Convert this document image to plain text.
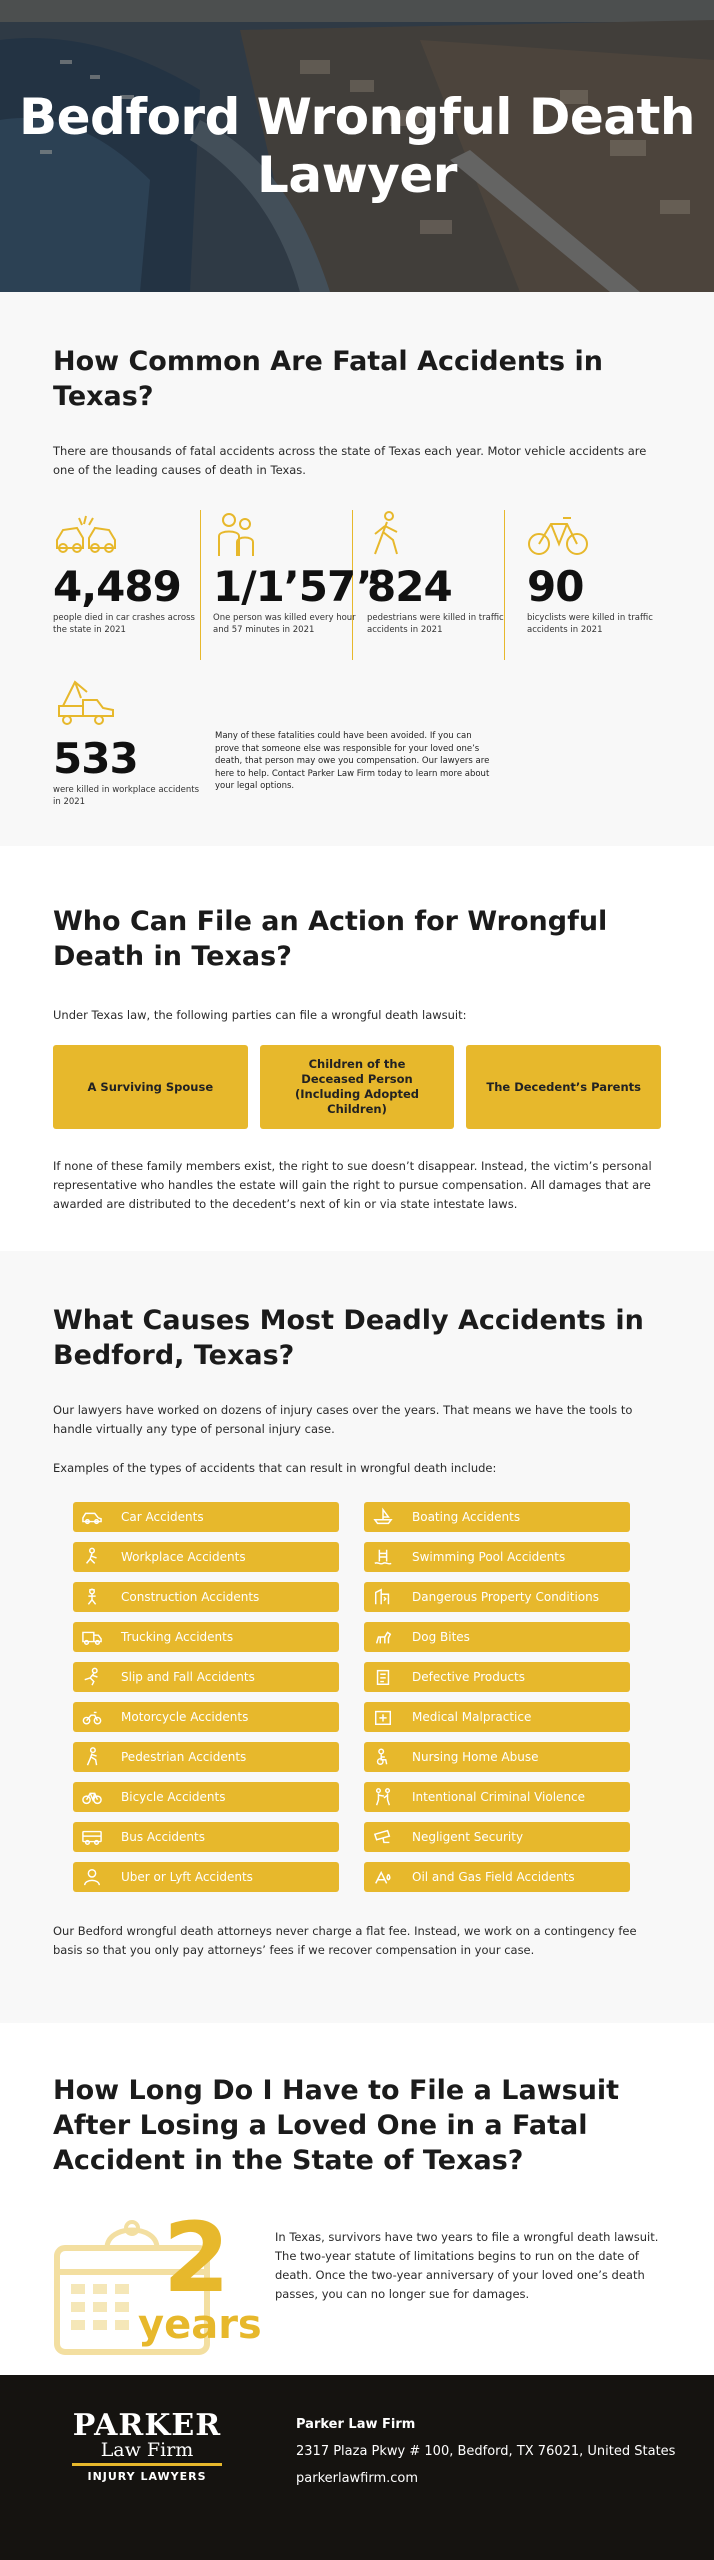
Bedford Wrongful Death Lawyer
How Common Are Fatal Accidents in Texas?

There are thousands of fatal accidents across the state of Texas each year. Motor vehicle accidents are one of the leading causes of death in Texas.

4,489
people died in car crashes across the state in 2021
1/1’57”
One person was killed every hour and 57 minutes in 2021
824
pedestrians were killed in traffic accidents in 2021
90
bicyclists were killed in traffic accidents in 2021
533
were killed in workplace accidents in 2021

Many of these fatalities could have been avoided. If you can prove that someone else was responsible for your loved one’s death, that person may owe you compensation. Our lawyers are here to help. Contact Parker Law Firm today to learn more about your legal options.

Who Can File an Action for Wrongful Death in Texas?

Under Texas law, the following parties can file a wrongful death lawsuit:

A Surviving Spouse
Children of the Deceased Person (Including Adopted Children)
The Decedent’s Parents

If none of these family members exist, the right to sue doesn’t disappear. Instead, the victim’s personal representative who handles the estate will gain the right to pursue compensation. All damages that are awarded are distributed to the decedent’s next of kin or via state intestate laws.

What Causes Most Deadly Accidents in Bedford, Texas?

Our lawyers have worked on dozens of injury cases over the years. That means we have the tools to handle virtually any type of personal injury case.

Examples of the types of accidents that can result in wrongful death include:

Car Accidents	Boating Accidents
Workplace Accidents	Swimming Pool Accidents
Construction Accidents	Dangerous Property Conditions
Trucking Accidents	Dog Bites
Slip and Fall Accidents	Defective Products
Motorcycle Accidents	Medical Malpractice
Pedestrian Accidents	Nursing Home Abuse
Bicycle Accidents	Intentional Criminal Violence
Bus Accidents	Negligent Security
Uber or Lyft Accidents	Oil and Gas Field Accidents

Our Bedford wrongful death attorneys never charge a flat fee. Instead, we work on a contingency fee basis so that you only pay attorneys’ fees if we recover compensation in your case.

How Long Do I Have to File a Lawsuit After Losing a Loved One in a Fatal Accident in the State of Texas?
2
years

In Texas, survivors have two years to file a wrongful death lawsuit. The two-year statute of limitations begins to run on the date of death. Once the two-year anniversary of your loved one’s death passes, you can no longer sue for damages.

PARKER
Law Firm
INJURY LAWYERS
Parker Law Firm
2317 Plaza Pkwy # 100, Bedford, TX 76021, United States
parkerlawfirm.com
